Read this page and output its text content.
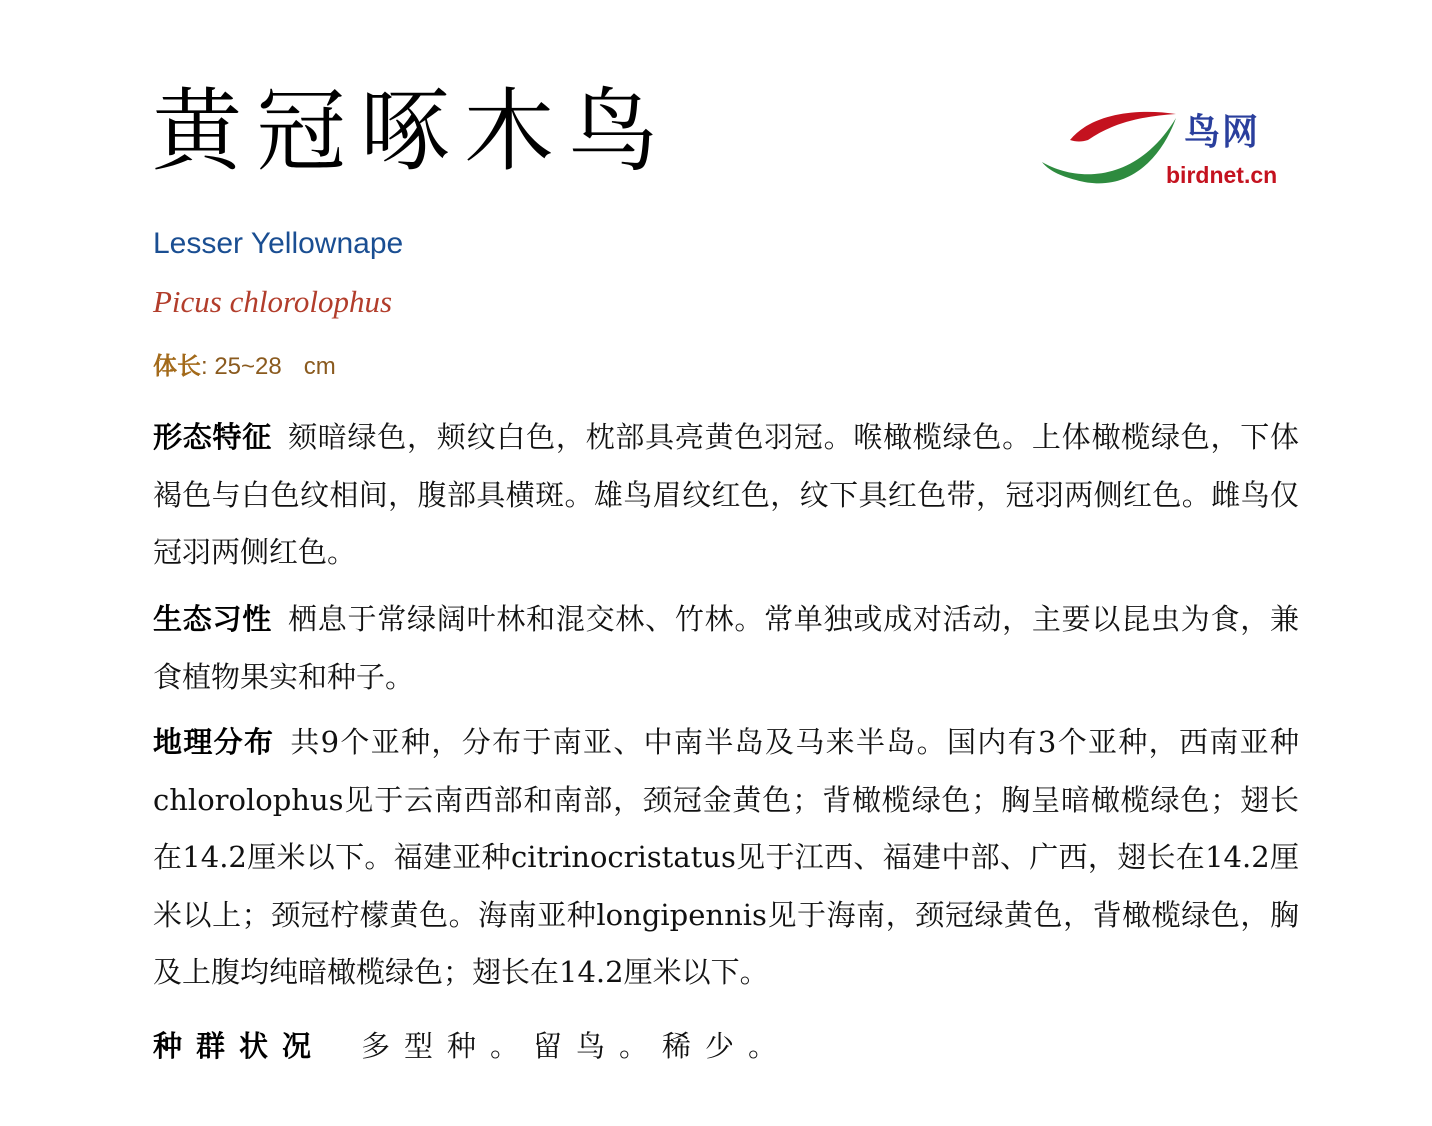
黄冠啄木鸟	鸟网
birdnet.cn
Lesser Yellownape
Picus chlorolophus
体长: 25~28 cm
形态特征 颏暗绿色，颊纹白色，枕部具亮黄色羽冠。喉橄榄绿色。上体橄榄绿色，下体褐色与白色纹相间，腹部具横斑。雄鸟眉纹红色，纹下具红色带，冠羽两侧红色。雌鸟仅冠羽两侧红色。
生态习性 栖息于常绿阔叶林和混交林、竹林。常单独或成对活动，主要以昆虫为食，兼食植物果实和种子。
地理分布 共9个亚种，分布于南亚、中南半岛及马来半岛。国内有3个亚种，西南亚种chlorolophus见于云南西部和南部，颈冠金黄色；背橄榄绿色；胸呈暗橄榄绿色；翅长在14.2厘米以下。福建亚种citrinocristatus见于江西、福建中部、广西，翅长在14.2厘米以上；颈冠柠檬黄色。海南亚种longipennis见于海南，颈冠绿黄色，背橄榄绿色，胸及上腹均纯暗橄榄绿色；翅长在14.2厘米以下。
种群状况 多型种。留鸟。稀少。
